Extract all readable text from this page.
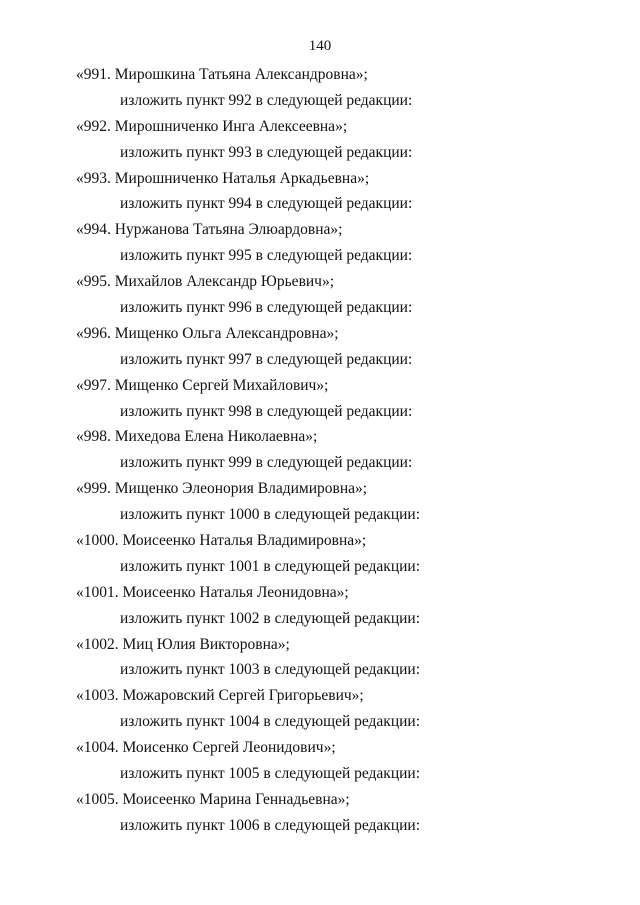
140
«991. Мирошкина Татьяна Александровна»;
изложить пункт 992 в следующей редакции:
«992. Мирошниченко Инга Алексеевна»;
изложить пункт 993 в следующей редакции:
«993. Мирошниченко Наталья Аркадьевна»;
изложить пункт 994 в следующей редакции:
«994. Нуржанова Татьяна Элюардовна»;
изложить пункт 995 в следующей редакции:
«995. Михайлов Александр Юрьевич»;
изложить пункт 996 в следующей редакции:
«996. Мищенко Ольга Александровна»;
изложить пункт 997 в следующей редакции:
«997. Мищенко Сергей Михайлович»;
изложить пункт 998 в следующей редакции:
«998. Михедова Елена Николаевна»;
изложить пункт 999 в следующей редакции:
«999. Мищенко Элеонория Владимировна»;
изложить пункт 1000 в следующей редакции:
«1000. Моисеенко Наталья Владимировна»;
изложить пункт 1001 в следующей редакции:
«1001. Моисеенко Наталья Леонидовна»;
изложить пункт 1002 в следующей редакции:
«1002. Миц Юлия Викторовна»;
изложить пункт 1003 в следующей редакции:
«1003. Можаровский Сергей Григорьевич»;
изложить пункт 1004 в следующей редакции:
«1004. Моисенко Сергей Леонидович»;
изложить пункт 1005 в следующей редакции:
«1005. Моисеенко Марина Геннадьевна»;
изложить пункт 1006 в следующей редакции:
